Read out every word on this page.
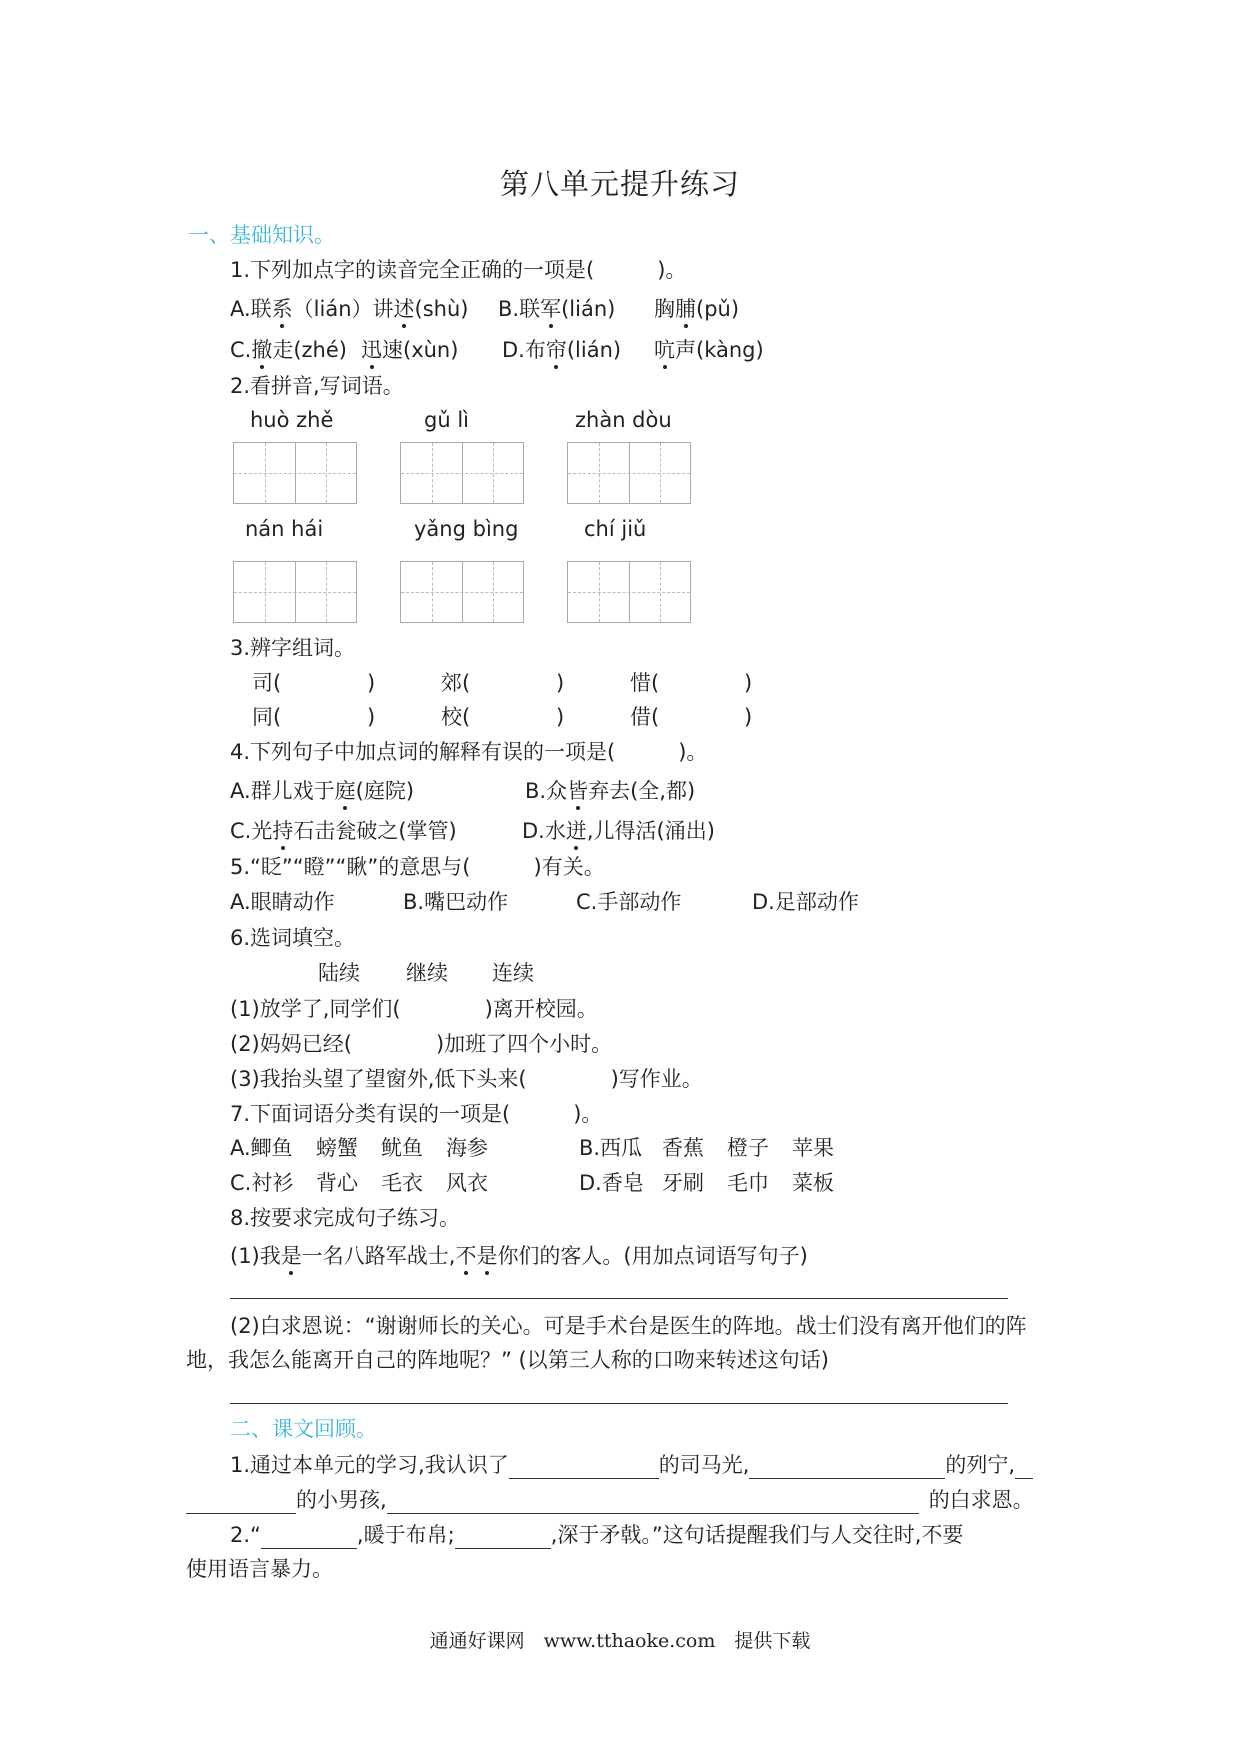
第八单元提升练习
一、基础知识。
1.下列加点字的读音完全正确的一项是(　　　)。
A.联系（lián）讲述(shù) B.联军(lián) 胸脯(pǔ)
C.撤走(zhé) 迅速(xùn) D.布帘(lián) 吭声(kàng)
2.看拼音,写词语。
huò zhě	gǔ lì	zhàn dòu
nán hái	yǎng bìng	chí jiǔ
3.辨字组词。
司(	)	郊(	)	惜(	)
同(	)	校(	)	借(	)
4.下列句子中加点词的解释有误的一项是(　　　)。
A.群儿戏于庭(庭院)	B.众皆弃去(全,都)
C.光持石击瓮破之(掌管)	D.水迸,儿得活(涌出)
5.“眨”“瞪”“瞅”的意思与(　　　)有关。
A.眼睛动作	B.嘴巴动作	C.手部动作	D.足部动作
6.选词填空。
陆续 继续 连续
(1)放学了,同学们(　　　　)离开校园。
(2)妈妈已经(　　　　)加班了四个小时。
(3)我抬头望了望窗外,低下头来(　　　　)写作业。
7.下面词语分类有误的一项是(　　　)。
A.鲫鱼 螃蟹 鱿鱼 海参	B.西瓜 香蕉 橙子 苹果
C.衬衫 背心 毛衣 风衣	D.香皂 牙刷 毛巾 菜板
8.按要求完成句子练习。
(1)我是一名八路军战士,不是你们的客人。(用加点词语写句子)
(2)白求恩说：“谢谢师长的关心。可是手术台是医生的阵地。战士们没有离开他们的阵
地，我怎么能离开自己的阵地呢？” (以第三人称的口吻来转述这句话)
二、课文回顾。
1.通过本单元的学习,我认识了	的司马光,	的列宁,
的小男孩,	的白求恩。
2.“	,暖于布帛;	,深于矛戟。”这句话提醒我们与人交往时,不要
使用语言暴力。
通通好课网　www.tthaoke.com　提供下载
